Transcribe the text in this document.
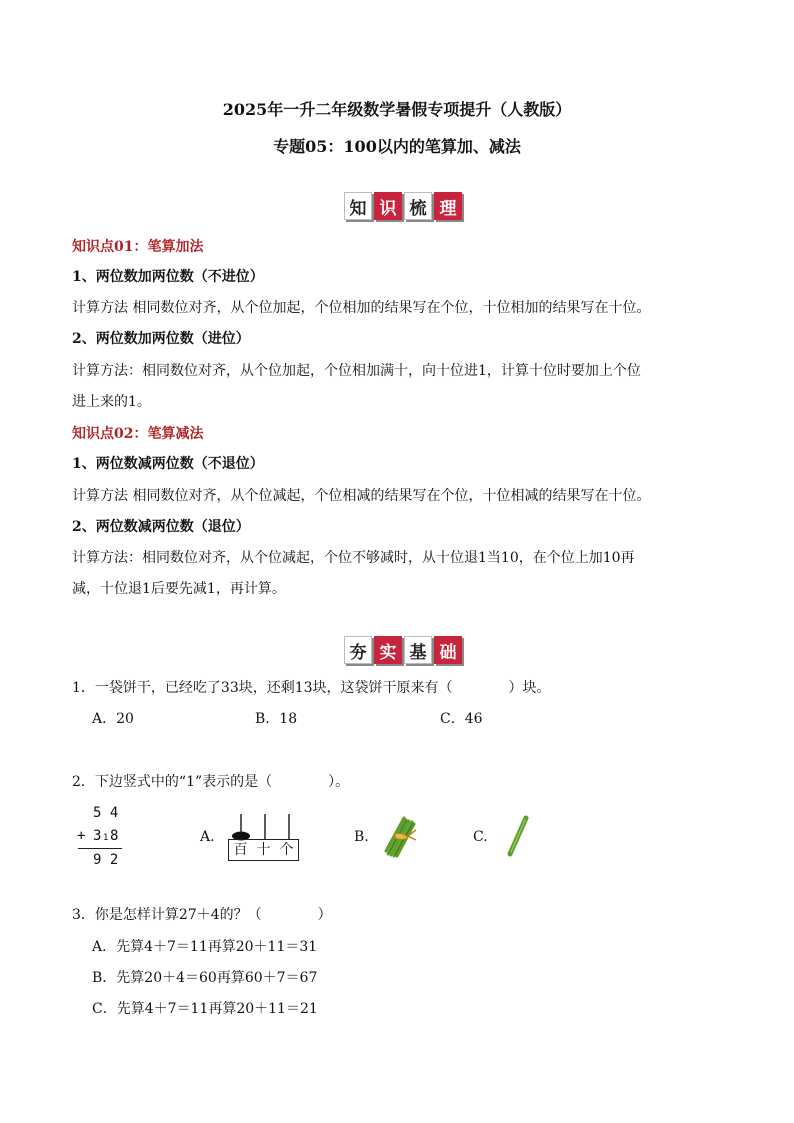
2025年一升二年级数学暑假专项提升（人教版）
专题05：100以内的笔算加、减法
知 识 梳 理
知识点01：笔算加法
1、两位数加两位数（不进位）
计算方法 相同数位对齐，从个位加起，个位相加的结果写在个位，十位相加的结果写在十位。
2、两位数加两位数（进位）
计算方法：相同数位对齐，从个位加起，个位相加满十，向十位进1，计算十位时要加上个位
进上来的1。
知识点02：笔算减法
1、两位数减两位数（不退位）
计算方法 相同数位对齐，从个位减起，个位相减的结果写在个位，十位相减的结果写在十位。
2、两位数减两位数（退位）
计算方法：相同数位对齐，从个位减起，个位不够减时，从十位退1当10，在个位上加10再
减，十位退1后要先减1，再计算。
夯 实 基 础
1．一袋饼干，已经吃了33块，还剩13块，这袋饼干原来有（　　　　）块。
A．20	B．18	C．46
2．下边竖式中的“1”表示的是（　　　　）。
5 4
+ 3 1 8
9 2
A.
百 十 个
B.	C.
3．你是怎样计算27＋4的？（　　　　）
A．先算4＋7＝11再算20＋11＝31
B．先算20＋4＝60再算60＋7＝67
C．先算4＋7＝11再算20＋11＝21
